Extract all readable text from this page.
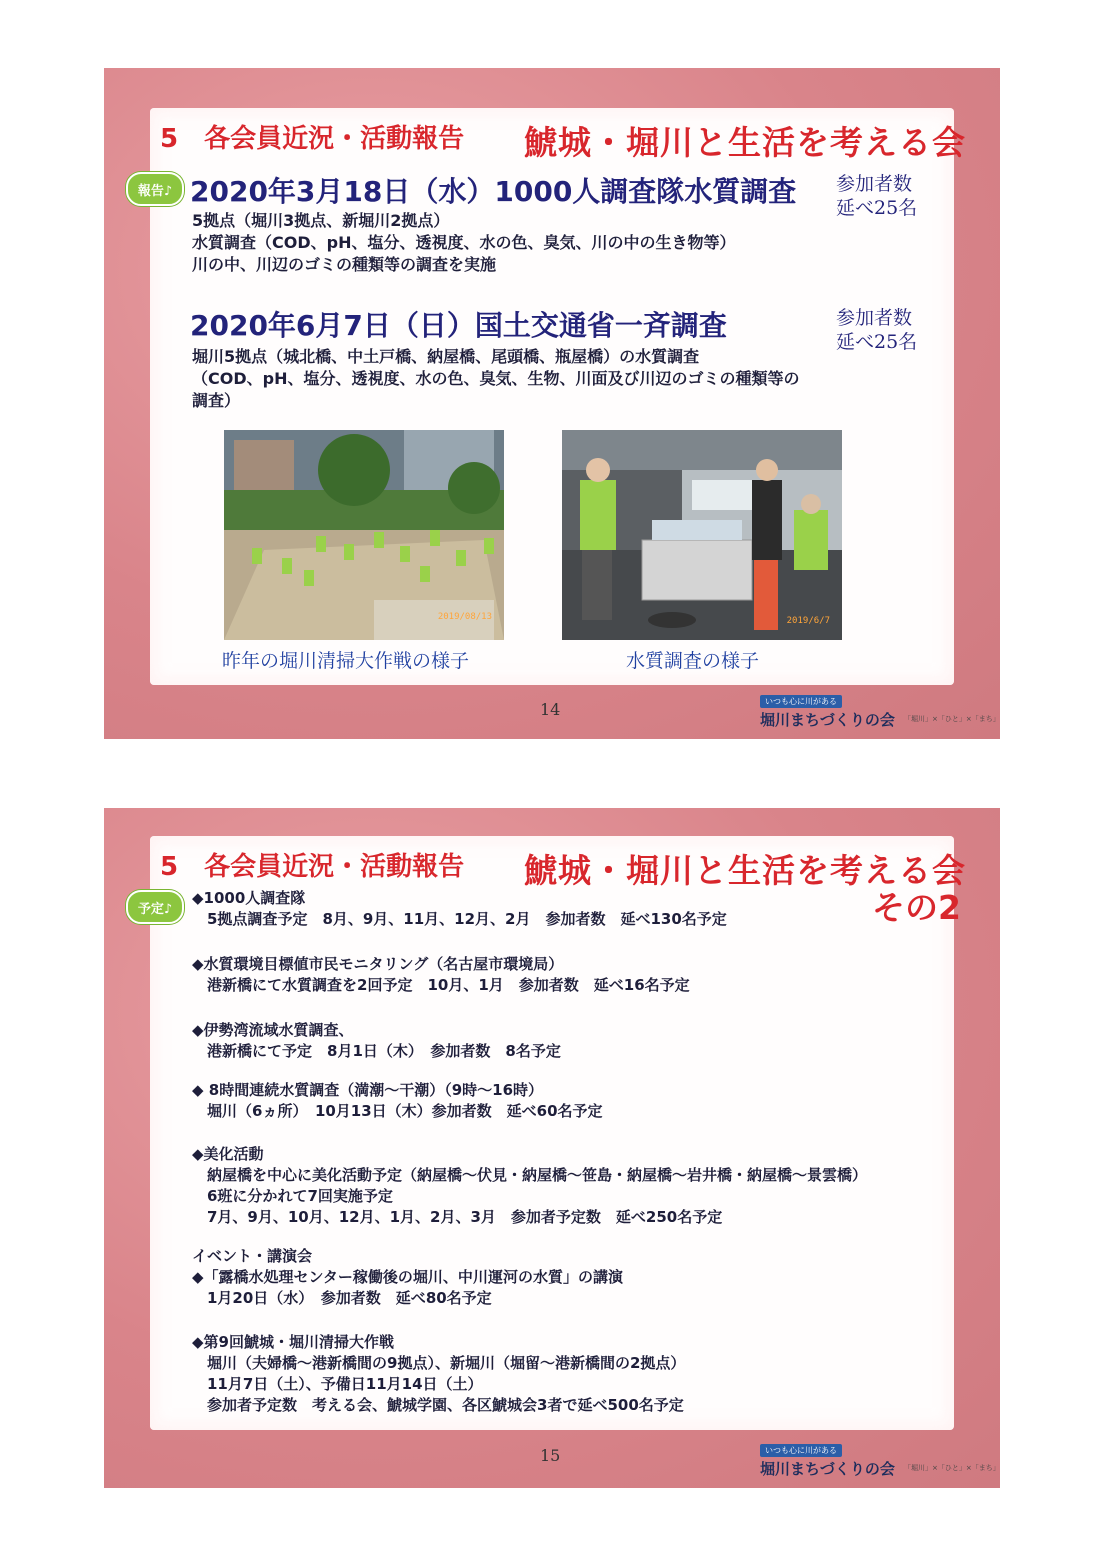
5　各会員近況・活動報告 鯱城・堀川と生活を考える会
報告♪ 2020年3月18日（水）1000人調査隊水質調査 参加者数
延べ25名
5拠点（堀川3拠点、新堀川2拠点）
水質調査（COD、pH、塩分、透視度、水の色、臭気、川の中の生き物等）
川の中、川辺のゴミの種類等の調査を実施
2020年6月7日（日）国土交通省一斉調査	参加者数
延べ25名
堀川5拠点（城北橋、中土戸橋、納屋橋、尾頭橋、瓶屋橋）の水質調査
（COD、pH、塩分、透視度、水の色、臭気、生物、川面及び川辺のゴミの種類等の
調査）
2019/08/13
昨年の堀川清掃大作戦の様子
2019/6/7
水質調査の様子
14	いつも心に川がある
堀川まちづくりの会 「堀川」×「ひと」×「まち」
5　各会員近況・活動報告 鯱城・堀川と生活を考える会
その2
予定♪
◆1000人調査隊
　5拠点調査予定　8月、9月、11月、12月、2月　参加者数　延べ130名予定
◆水質環境目標値市民モニタリング（名古屋市環境局）
　港新橋にて水質調査を2回予定　10月、1月　参加者数　延べ16名予定
◆伊勢湾流域水質調査、
　港新橋にて予定　8月1日（木）　参加者数　8名予定
◆ 8時間連続水質調査（満潮～干潮）（9時～16時）
　堀川（6ヵ所）　10月13日（木）参加者数　延べ60名予定
◆美化活動
　納屋橋を中心に美化活動予定（納屋橋～伏見・納屋橋～笹島・納屋橋～岩井橋・納屋橋～景雲橋）
　6班に分かれて7回実施予定
　7月、9月、10月、12月、1月、2月、3月　参加者予定数　延べ250名予定
イベント・講演会
◆「露橋水処理センター稼働後の堀川、中川運河の水質」の講演
　1月20日（水）　参加者数　延べ80名予定
◆第9回鯱城・堀川清掃大作戦
　堀川（夫婦橋～港新橋間の9拠点）、新堀川（堀留～港新橋間の2拠点）
　11月7日（土）、予備日11月14日（土）
　参加者予定数　考える会、鯱城学園、各区鯱城会3者で延べ500名予定
15	いつも心に川がある
堀川まちづくりの会 「堀川」×「ひと」×「まち」
